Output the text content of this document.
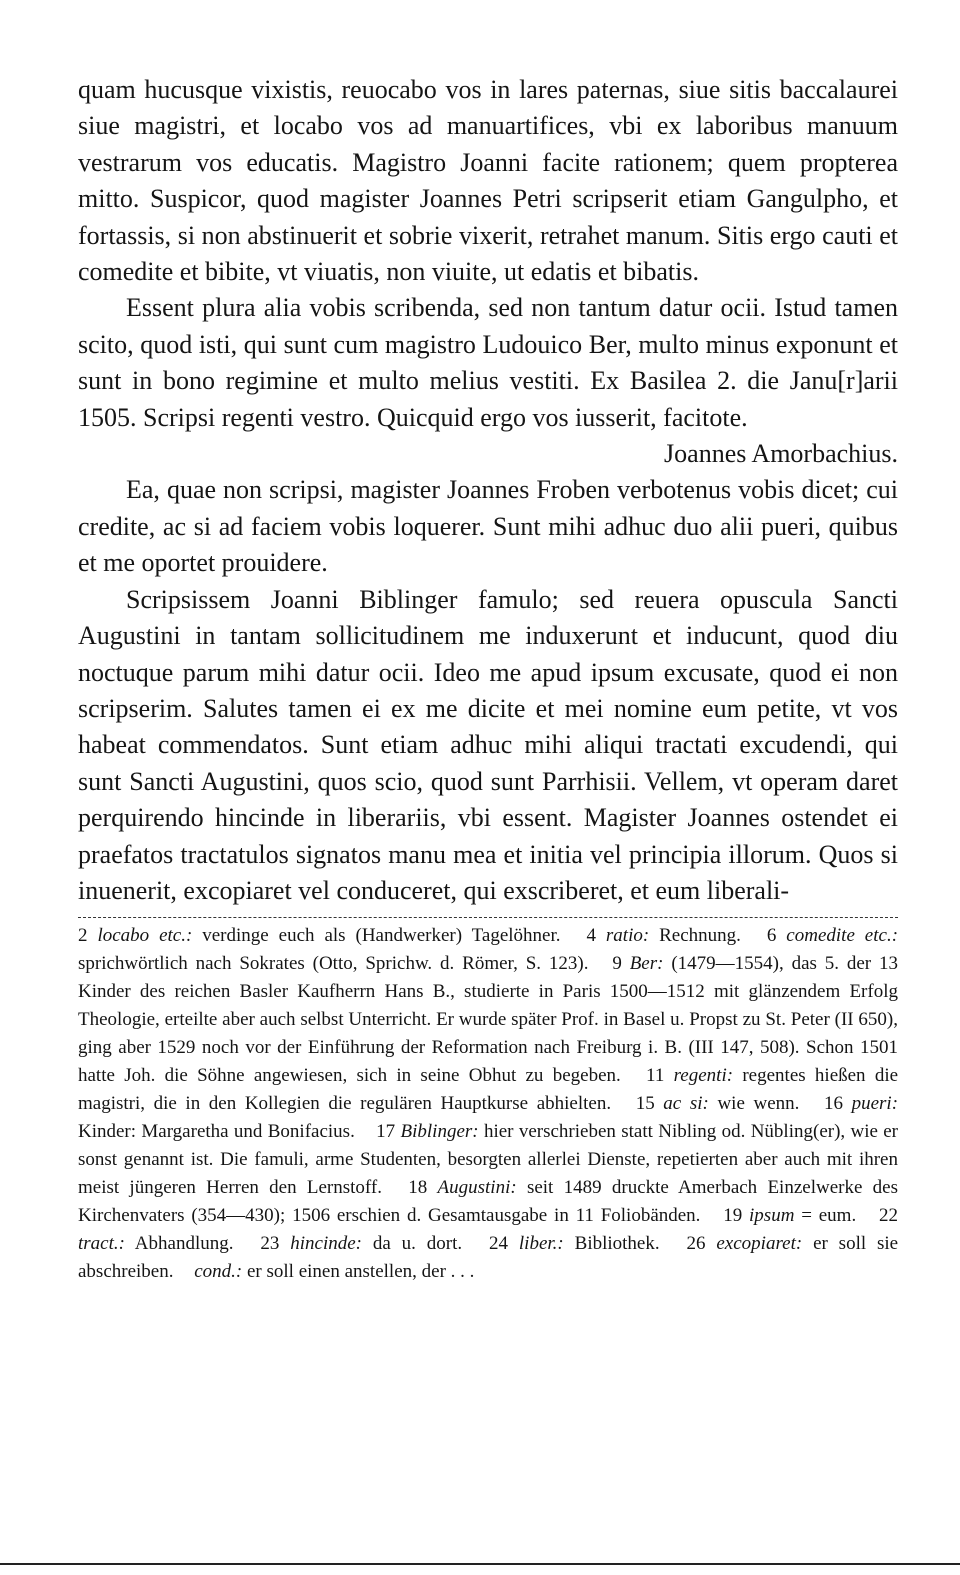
quam hucusque vixistis, reuocabo vos in lares paternas, siue sitis baccalaurei siue magistri, et locabo vos ad manuartifices, vbi ex laboribus manuum vestrarum vos educatis. Magistro Joanni facite rationem; quem propterea mitto. Suspicor, quod magister Joannes Petri scripserit etiam Gangulpho, et fortassis, si non abstinuerit et sobrie vixerit, retrahet manum. Sitis ergo cauti et comedite et bibite, vt viuatis, non viuite, ut edatis et bibatis.

Essent plura alia vobis scribenda, sed non tantum datur ocii. Istud tamen scito, quod isti, qui sunt cum magistro Ludouico Ber, multo minus exponunt et sunt in bono regimine et multo melius vestiti. Ex Basilea 2. die Janu[r]arii 1505. Scripsi regenti vestro. Quicquid ergo vos iusserit, facitote.

Joannes Amorbachius.

Ea, quae non scripsi, magister Joannes Froben verbotenus vobis dicet; cui credite, ac si ad faciem vobis loquerer. Sunt mihi adhuc duo alii pueri, quibus et me oportet prouidere.

Scripsissem Joanni Biblinger famulo; sed reuera opuscula Sancti Augustini in tantam sollicitudinem me induxerunt et inducunt, quod diu noctuque parum mihi datur ocii. Ideo me apud ipsum excusate, quod ei non scripserim. Salutes tamen ei ex me dicite et mei nomine eum petite, vt vos habeat commendatos. Sunt etiam adhuc mihi aliqui tractati excudendi, qui sunt Sancti Augustini, quos scio, quod sunt Parrhisii. Vellem, vt operam daret perquirendo hincinde in liberariis, vbi essent. Magister Joannes ostendet ei praefatos tractatulos signatos manu mea et initia vel principia illorum. Quos si inuenerit, excopiaret vel conduceret, qui exscriberet, et eum liberali-

2 locabo etc.: verdinge euch als (Handwerker) Tagelöhner. 4 ratio: Rechnung. 6 comedite etc.: sprichwörtlich nach Sokrates (Otto, Sprichw. d. Römer, S. 123). 9 Ber: (1479—1554), das 5. der 13 Kinder des reichen Basler Kaufherrn Hans B., studierte in Paris 1500—1512 mit glänzendem Erfolg Theologie, erteilte aber auch selbst Unterricht. Er wurde später Prof. in Basel u. Propst zu St. Peter (II 650), ging aber 1529 noch vor der Einführung der Reformation nach Freiburg i. B. (III 147, 508). Schon 1501 hatte Joh. die Söhne angewiesen, sich in seine Obhut zu begeben. 11 regenti: regentes hießen die magistri, die in den Kollegien die regulären Hauptkurse abhielten. 15 ac si: wie wenn. 16 pueri: Kinder: Margaretha und Bonifacius. 17 Biblinger: hier verschrieben statt Nibling od. Nübling(er), wie er sonst genannt ist. Die famuli, arme Studenten, besorgten allerlei Dienste, repetierten aber auch mit ihren meist jüngeren Herren den Lernstoff. 18 Augustini: seit 1489 druckte Amerbach Einzelwerke des Kirchenvaters (354—430); 1506 erschien d. Gesamtausgabe in 11 Foliobänden. 19 ipsum = eum. 22 tract.: Abhandlung. 23 hincinde: da u. dort. 24 liber.: Bibliothek. 26 excopiaret: er soll sie abschreiben. cond.: er soll einen anstellen, der . . .
